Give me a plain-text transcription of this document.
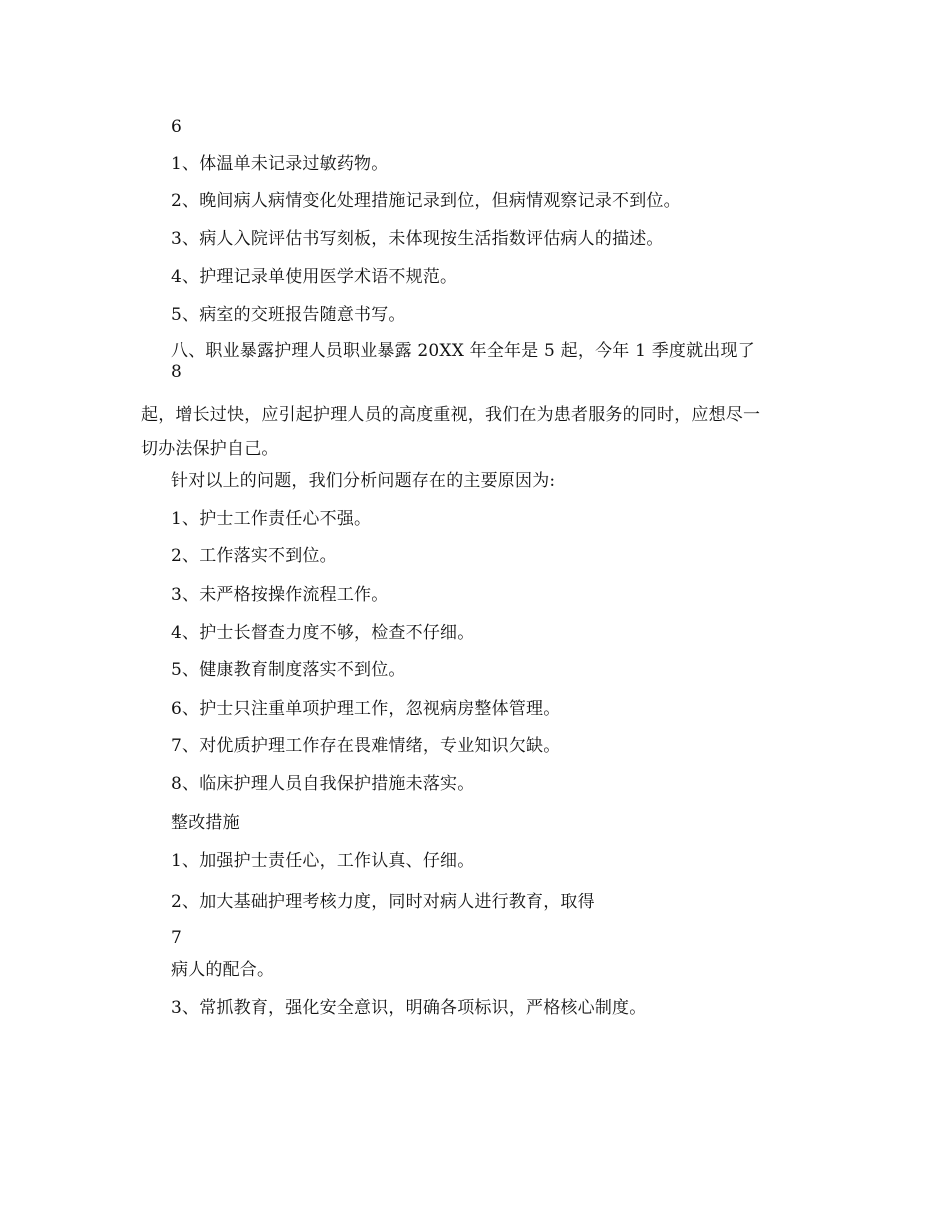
6
1、体温单未记录过敏药物。
2、晚间病人病情变化处理措施记录到位，但病情观察记录不到位。
3、病人入院评估书写刻板，未体现按生活指数评估病人的描述。
4、护理记录单使用医学术语不规范。
5、病室的交班报告随意书写。
八、职业暴露护理人员职业暴露 20XX 年全年是 5 起，今年 1 季度就出现了
8
起，增长过快，应引起护理人员的高度重视，我们在为患者服务的同时，应想尽一
切办法保护自己。
针对以上的问题，我们分析问题存在的主要原因为:
1、护士工作责任心不强。
2、工作落实不到位。
3、未严格按操作流程工作。
4、护士长督查力度不够，检查不仔细。
5、健康教育制度落实不到位。
6、护士只注重单项护理工作，忽视病房整体管理。
7、对优质护理工作存在畏难情绪，专业知识欠缺。
8、临床护理人员自我保护措施未落实。
整改措施
1、加强护士责任心，工作认真、仔细。
2、加大基础护理考核力度，同时对病人进行教育，取得
7
病人的配合。
3、常抓教育，强化安全意识，明确各项标识，严格核心制度。
